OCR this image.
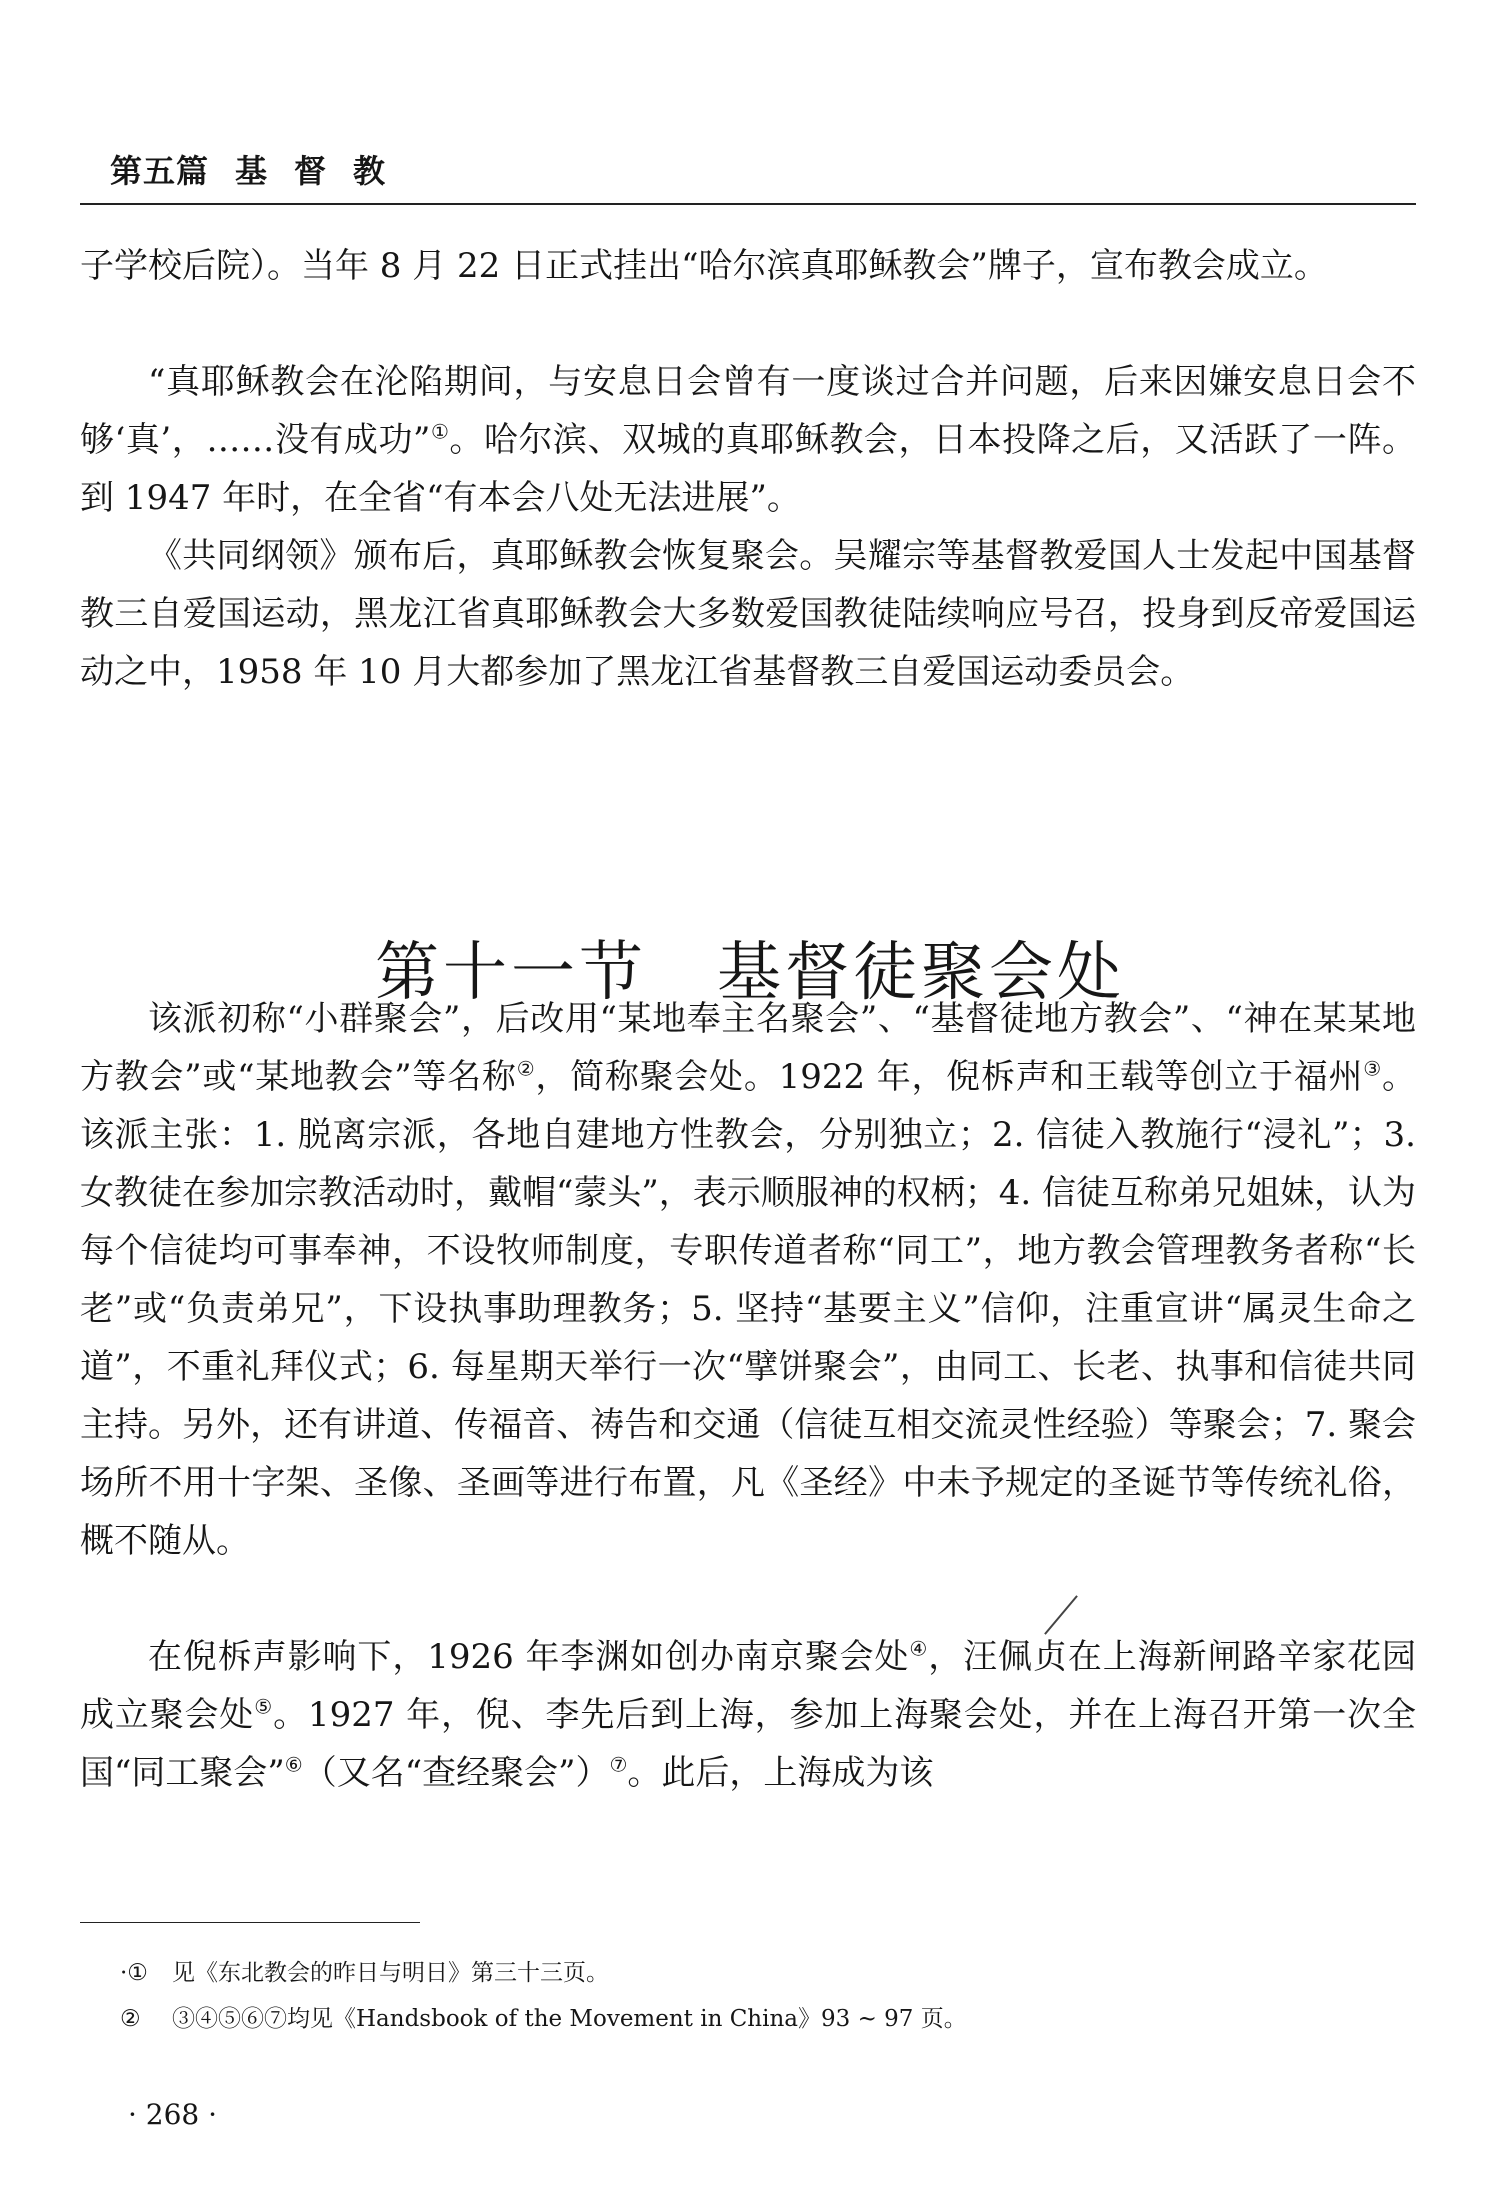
第五篇 基 督 教

子学校后院）。当年 8 月 22 日正式挂出“哈尔滨真耶稣教会”牌子，宣布教会成立。

“真耶稣教会在沦陷期间，与安息日会曾有一度谈过合并问题，后来因嫌安息日会不够‘真’，……没有成功”①。哈尔滨、双城的真耶稣教会，日本投降之后，又活跃了一阵。到 1947 年时，在全省“有本会八处无法进展”。

《共同纲领》颁布后，真耶稣教会恢复聚会。吴耀宗等基督教爱国人士发起中国基督教三自爱国运动，黑龙江省真耶稣教会大多数爱国教徒陆续响应号召，投身到反帝爱国运动之中，1958 年 10 月大都参加了黑龙江省基督教三自爱国运动委员会。

第十一节 基督徒聚会处

该派初称“小群聚会”，后改用“某地奉主名聚会”、“基督徒地方教会”、“神在某某地方教会”或“某地教会”等名称②，简称聚会处。1922 年，倪柝声和王载等创立于福州③。该派主张：1. 脱离宗派，各地自建地方性教会，分别独立；2. 信徒入教施行“浸礼”；3. 女教徒在参加宗教活动时，戴帽“蒙头”，表示顺服神的权柄；4. 信徒互称弟兄姐妹，认为每个信徒均可事奉神，不设牧师制度，专职传道者称“同工”，地方教会管理教务者称“长老”或“负责弟兄”，下设执事助理教务；5. 坚持“基要主义”信仰，注重宣讲“属灵生命之道”，不重礼拜仪式；6. 每星期天举行一次“擘饼聚会”，由同工、长老、执事和信徒共同主持。另外，还有讲道、传福音、祷告和交通（信徒互相交流灵性经验）等聚会；7. 聚会场所不用十字架、圣像、圣画等进行布置，凡《圣经》中未予规定的圣诞节等传统礼俗，概不随从。

在倪柝声影响下，1926 年李渊如创办南京聚会处④，汪佩贞在上海新闸路辛家花园成立聚会处⑤。1927 年，倪、李先后到上海，参加上海聚会处，并在上海召开第一次全国“同工聚会”⑥（又名“查经聚会”）⑦。此后，上海成为该

·① 见《东北教会的昨日与明日》第三十三页。
② ③④⑤⑥⑦均见《Handsbook of the Movement in China》93 ~ 97 页。
· 268 ·
